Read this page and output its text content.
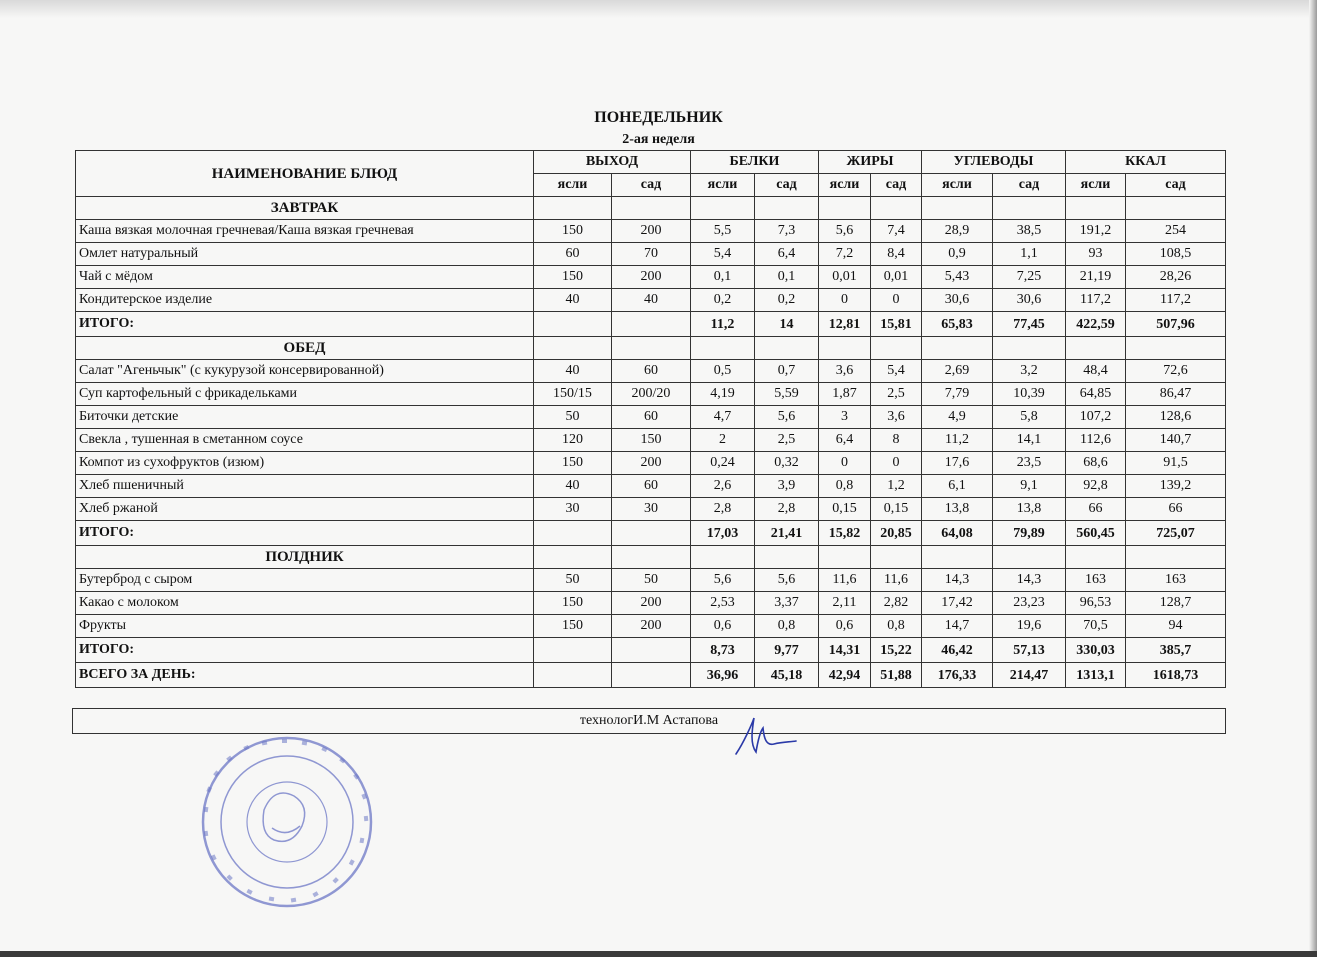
ПОНЕДЕЛЬНИК
2-ая неделя
НАИМЕНОВАНИЕ БЛЮД	ВЫХОД		БЕЛКИ		ЖИРЫ		УГЛЕВОДЫ		ККАЛ	
	ясли	сад	ясли	сад	ясли	сад	ясли	сад	ясли	сад
ЗАВТРАК										
Каша вязкая молочная гречневая/Каша вязкая гречневая	150	200	5,5	7,3	5,6	7,4	28,9	38,5	191,2	254
Омлет натуральный	60	70	5,4	6,4	7,2	8,4	0,9	1,1	93	108,5
Чай с мёдом	150	200	0,1	0,1	0,01	0,01	5,43	7,25	21,19	28,26
Кондитерское изделие	40	40	0,2	0,2	0	0	30,6	30,6	117,2	117,2
ИТОГО:			11,2	14	12,81	15,81	65,83	77,45	422,59	507,96
ОБЕД										
Салат "Агеньчык" (с кукурузой консервированной)	40	60	0,5	0,7	3,6	5,4	2,69	3,2	48,4	72,6
Суп картофельный с фрикадельками	150/15	200/20	4,19	5,59	1,87	2,5	7,79	10,39	64,85	86,47
Биточки детские	50	60	4,7	5,6	3	3,6	4,9	5,8	107,2	128,6
Свекла , тушенная в сметанном соусе	120	150	2	2,5	6,4	8	11,2	14,1	112,6	140,7
Компот из сухофруктов (изюм)	150	200	0,24	0,32	0	0	17,6	23,5	68,6	91,5
Хлеб пшеничный	40	60	2,6	3,9	0,8	1,2	6,1	9,1	92,8	139,2
Хлеб ржаной	30	30	2,8	2,8	0,15	0,15	13,8	13,8	66	66
ИТОГО:			17,03	21,41	15,82	20,85	64,08	79,89	560,45	725,07
ПОЛДНИК										
Бутерброд с сыром	50	50	5,6	5,6	11,6	11,6	14,3	14,3	163	163
Какао с молоком	150	200	2,53	3,37	2,11	2,82	17,42	23,23	96,53	128,7
Фрукты	150	200	0,6	0,8	0,6	0,8	14,7	19,6	70,5	94
ИТОГО:			8,73	9,77	14,31	15,22	46,42	57,13	330,03	385,7
ВСЕГО ЗА ДЕНЬ:			36,96	45,18	42,94	51,88	176,33	214,47	1313,1	1618,73
технологИ.М Астапова
